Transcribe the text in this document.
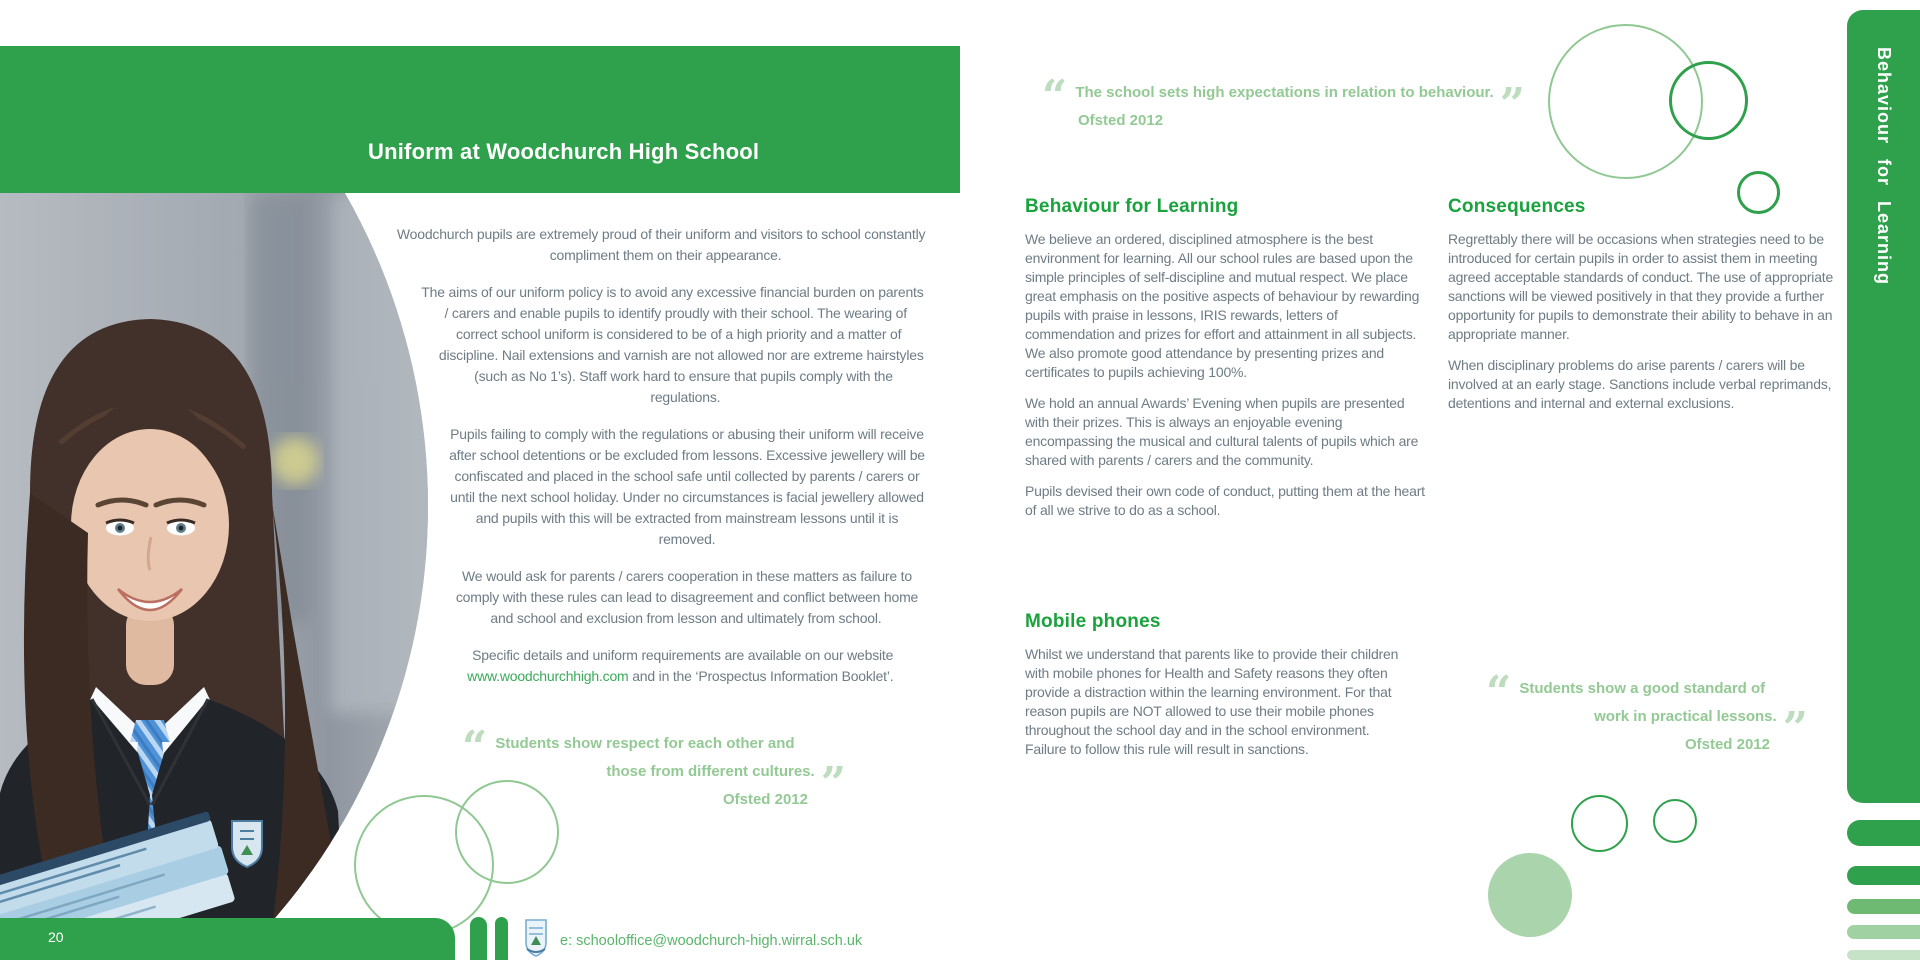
Uniform at Woodchurch High School

Woodchurch pupils are extremely proud of their uniform and visitors to school constantly compliment them on their appearance.

The aims of our uniform policy is to avoid any excessive financial burden on parents / carers and enable pupils to identify proudly with their school. The wearing of correct school uniform is considered to be of a high priority and a matter of discipline. Nail extensions and varnish are not allowed nor are extreme hairstyles (such as No 1’s). Staff work hard to ensure that pupils comply with the regulations.

Pupils failing to comply with the regulations or abusing their uniform will receive after school detentions or be excluded from lessons. Excessive jewellery will be confiscated and placed in the school safe until collected by parents / carers or until the next school holiday. Under no circumstances is facial jewellery allowed and pupils with this will be extracted from mainstream lessons until it is removed.

We would ask for parents / carers cooperation in these matters as failure to comply with these rules can lead to disagreement and conflict between home and school and exclusion from lesson and ultimately from school.

Specific details and uniform requirements are available on our website www.woodchurchhigh.com and in the ‘Prospectus Information Booklet’.

“ Students show respect for each other and
those from different cultures. ”
Ofsted 2012
“ The school sets high expectations in relation to behaviour. ”
Ofsted 2012
Behaviour for Learning

We believe an ordered, disciplined atmosphere is the best environment for learning. All our school rules are based upon the simple principles of self-discipline and mutual respect. We place great emphasis on the positive aspects of behaviour by rewarding pupils with praise in lessons, IRIS rewards, letters of commendation and prizes for effort and attainment in all subjects. We also promote good attendance by presenting prizes and certificates to pupils achieving 100%.

We hold an annual Awards’ Evening when pupils are presented with their prizes. This is always an enjoyable evening encompassing the musical and cultural talents of pupils which are shared with parents / carers and the community.

Pupils devised their own code of conduct, putting them at the heart of all we strive to do as a school.

Mobile phones

Whilst we understand that parents like to provide their children with mobile phones for Health and Safety reasons they often provide a distraction within the learning environment. For that reason pupils are NOT allowed to use their mobile phones throughout the school day and in the school environment. Failure to follow this rule will result in sanctions.

Consequences

Regrettably there will be occasions when strategies need to be introduced for certain pupils in order to assist them in meeting agreed acceptable standards of conduct. The use of appropriate sanctions will be viewed positively in that they provide a further opportunity for pupils to demonstrate their ability to behave in an appropriate manner.

When disciplinary problems do arise parents / carers will be involved at an early stage. Sanctions include verbal reprimands, detentions and internal and external exclusions.

“ Students show a good standard of
work in practical lessons. ”
Ofsted 2012
Behaviour for Learning
20	e: schooloffice@woodchurch-high.wirral.sch.uk
